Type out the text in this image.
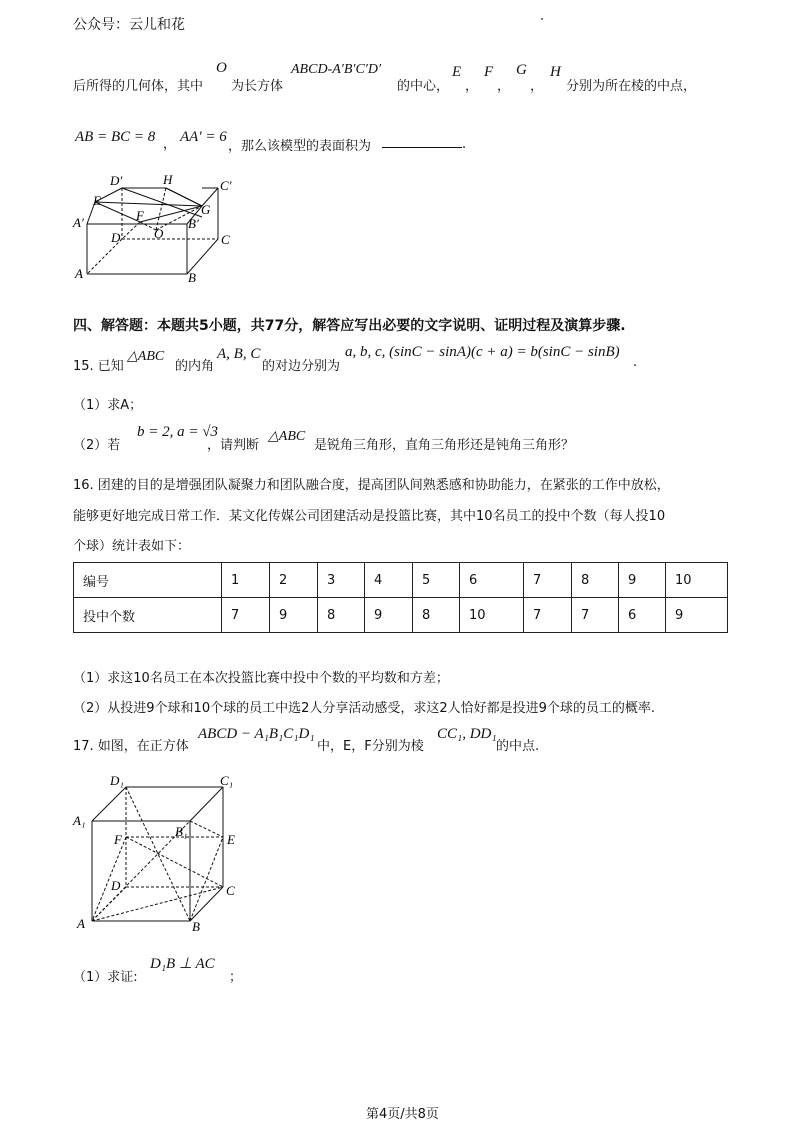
公众号：云儿和花
后所得的几何体，其中
O
为长方体
ABCD-A′B′C′D′
的中心，
E
，
F
，
G
，
H
分别为所在棱的中点，
AB = BC = 8 ， AA′ = 6
，那么该模型的表面积为	.
D′	H	C′
E
G
A′	F
B′
D	O	C
A	B
四、解答题：本题共5小题，共77分，解答应写出必要的文字说明、证明过程及演算步骤.
15. 已知
△ABC
的内角
A, B, C
的对边分别为
a, b, c, (sinC − sinA)(c + a) = b(sinC − sinB)
.
（1）求A；
（2）若
b = 2, a = √3
，请判断
△ABC
是锐角三角形，直角三角形还是钝角三角形？
16. 团建的目的是增强团队凝聚力和团队融合度，提高团队间熟悉感和协助能力，在紧张的工作中放松，
能够更好地完成日常工作．某文化传媒公司团建活动是投篮比赛，其中10名员工的投中个数（每人投10
个球）统计表如下：
编号	1	2	3	4	5	6	7	8	9	10
投中个数	7	9	8	9	8	10	7	7	6	9
（1）求这10名员工在本次投篮比赛中投中个数的平均数和方差；
（2）从投进9个球和10个球的员工中选2人分享活动感受，求这2人恰好都是投进9个球的员工的概率.
17. 如图，在正方体
ABCD − A₁B₁C₁D₁
中，E，F分别为棱
CC₁, DD₁
的中点.
D₁	C₁
A₁
B₁
F	E
D	C
A	B
（1）求证:
D₁B ⊥ AC
；
第4页/共8页
